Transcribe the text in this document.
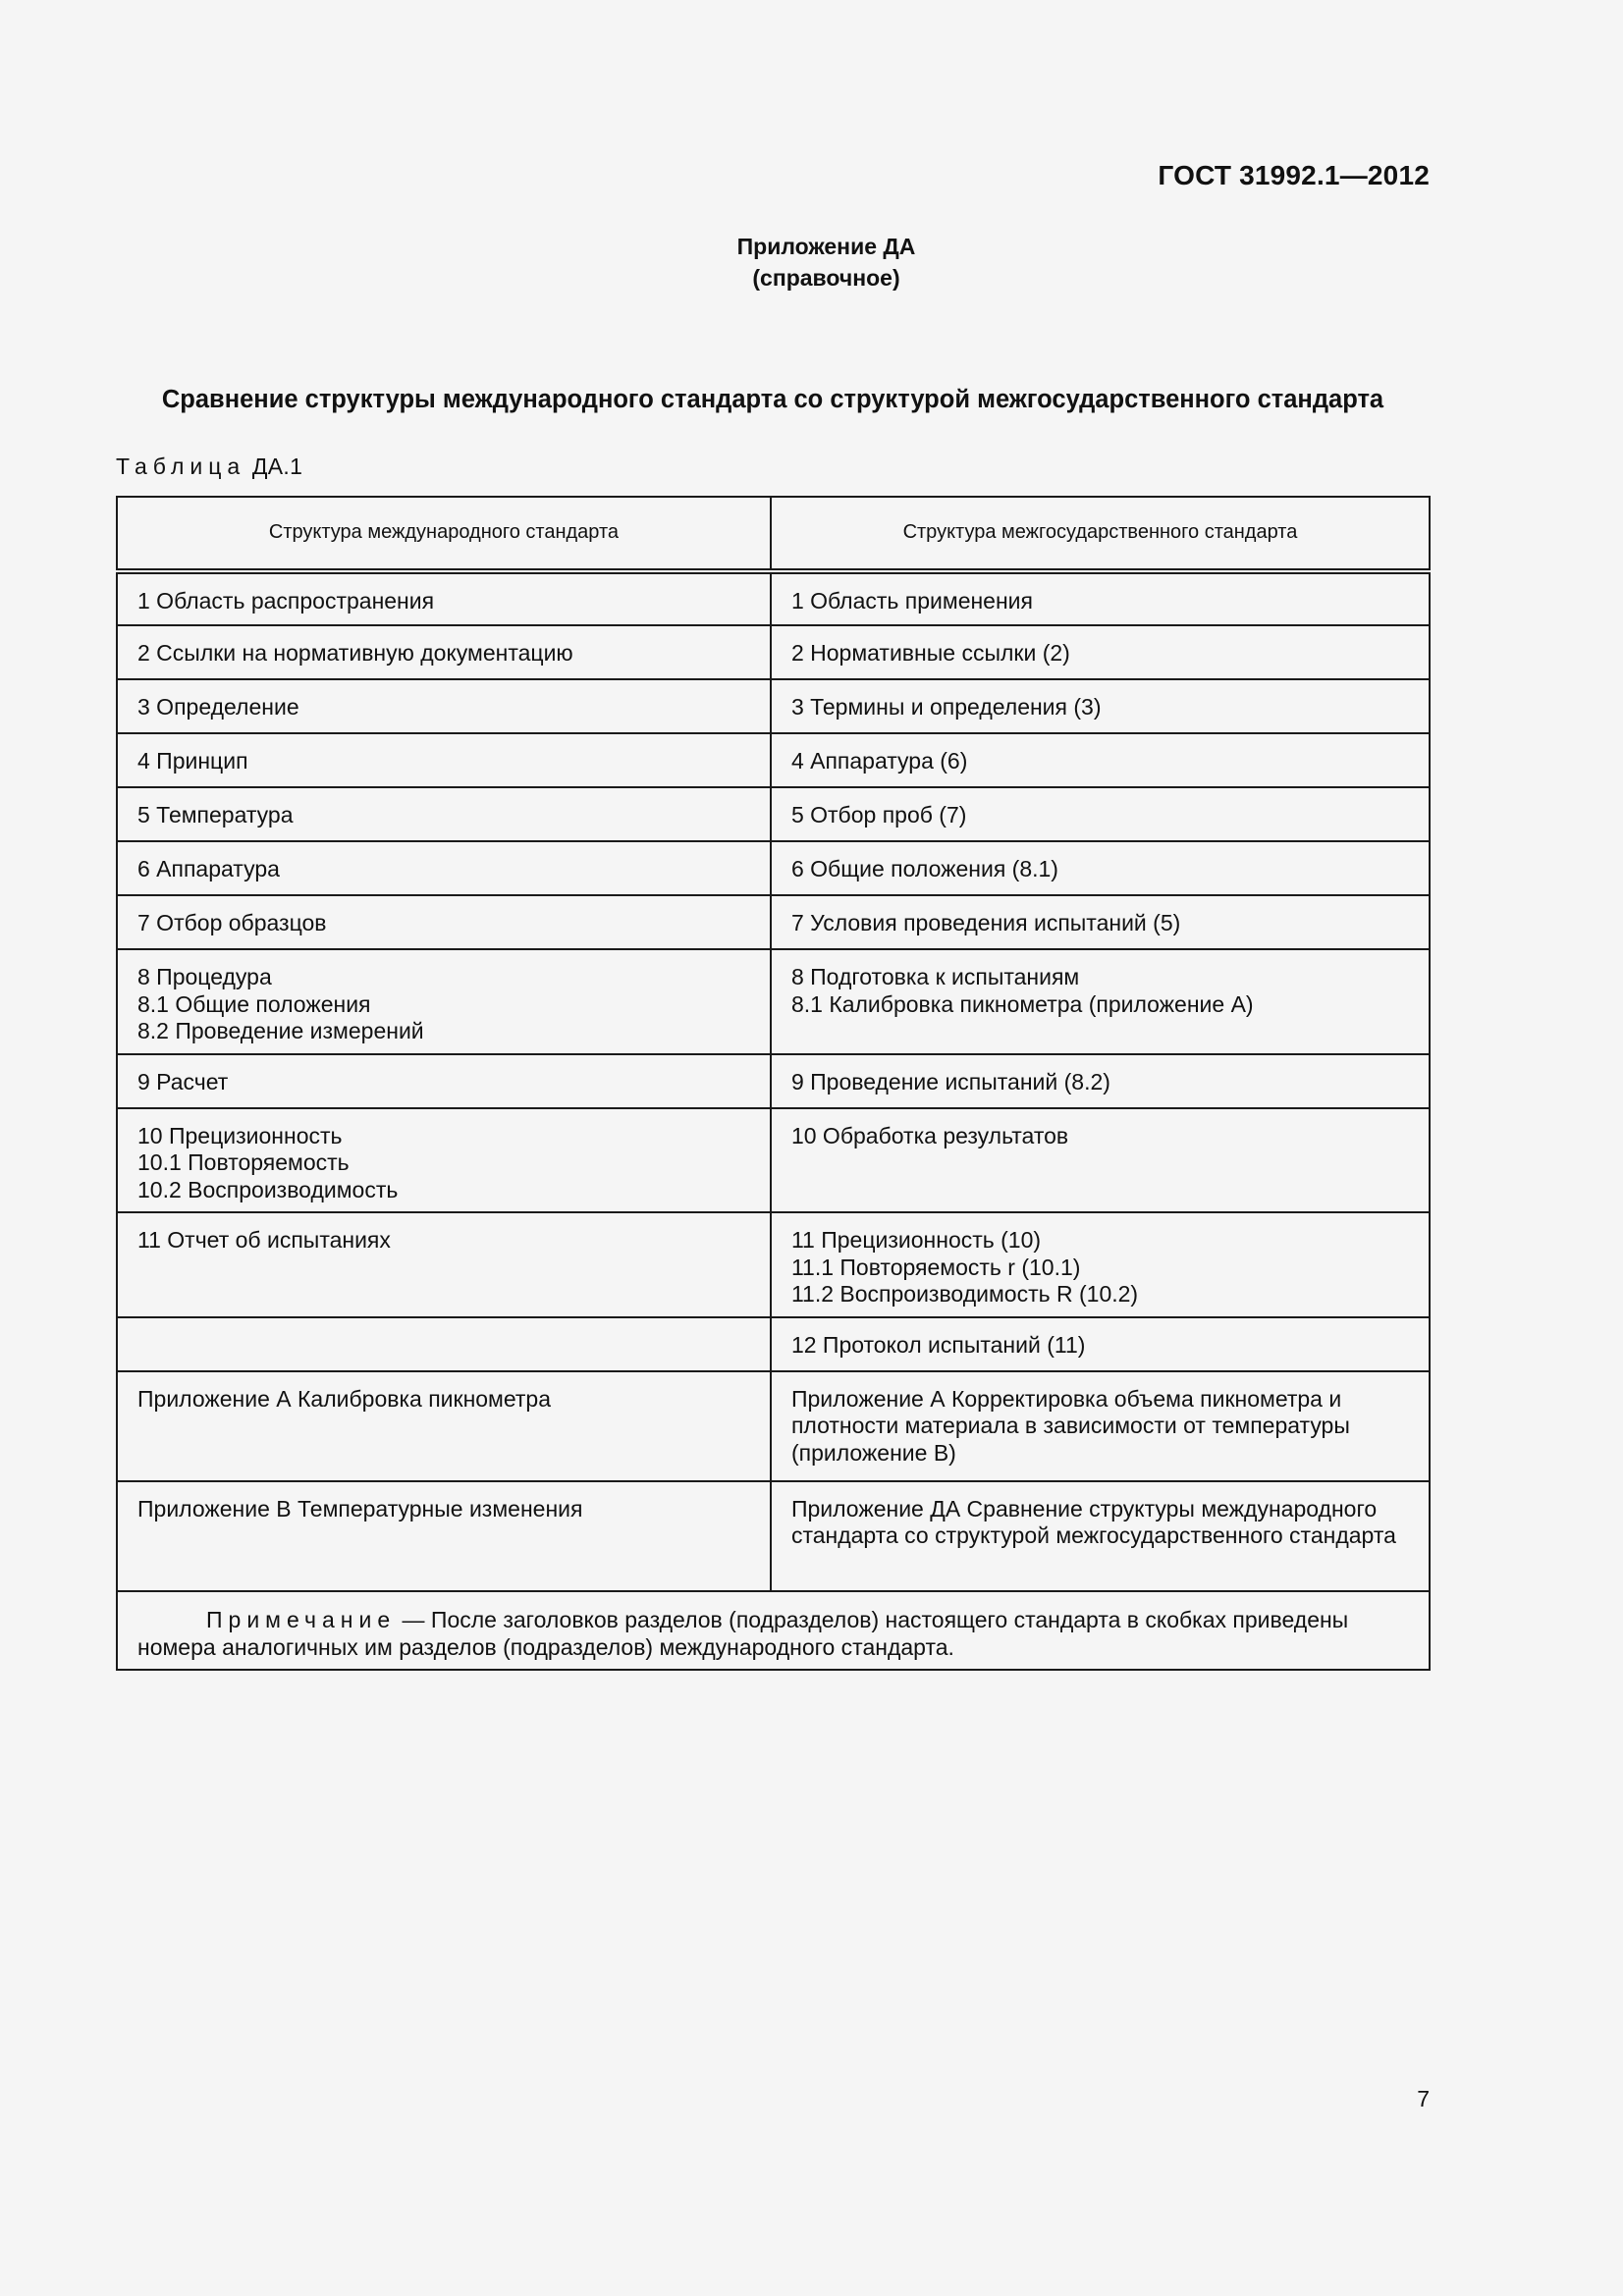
ГОСТ 31992.1—2012
Приложение ДА
(справочное)
Сравнение структуры международного стандарта со структурой межгосударственного стандарта
Таблица ДА.1
Структура международного стандарта	Структура межгосударственного стандарта

1 Область распространения	1 Область применения

2 Ссылки на нормативную документацию	2 Нормативные ссылки (2)

3 Определение	3 Термины и определения (3)

4 Принцип	4 Аппаратура (6)

5 Температура	5 Отбор проб (7)

6 Аппаратура	6 Общие положения (8.1)

7 Отбор образцов	7 Условия проведения испытаний (5)

8 Процедура
8.1 Общие положения
8.2 Проведение измерений	8 Подготовка к испытаниям
8.1 Калибровка пикнометра (приложение А)

9 Расчет	9 Проведение испытаний (8.2)

10 Прецизионность
10.1 Повторяемость
10.2 Воспроизводимость	10 Обработка результатов

11 Отчет об испытаниях	11 Прецизионность (10)
11.1 Повторяемость r (10.1)
11.2 Воспроизводимость R (10.2)

	12 Протокол испытаний (11)

Приложение А Калибровка пикнометра	Приложение А Корректировка объема пикнометра и плотности материала в зависимости от температуры (приложение В)

Приложение В Температурные изменения	Приложение ДА Сравнение структуры международного стандарта со структурой межгосударственного стандарта
Примечание — После заголовков разделов (подразделов) настоящего стандарта в скобках приведены номера аналогичных им разделов (подразделов) международного стандарта.	
7
